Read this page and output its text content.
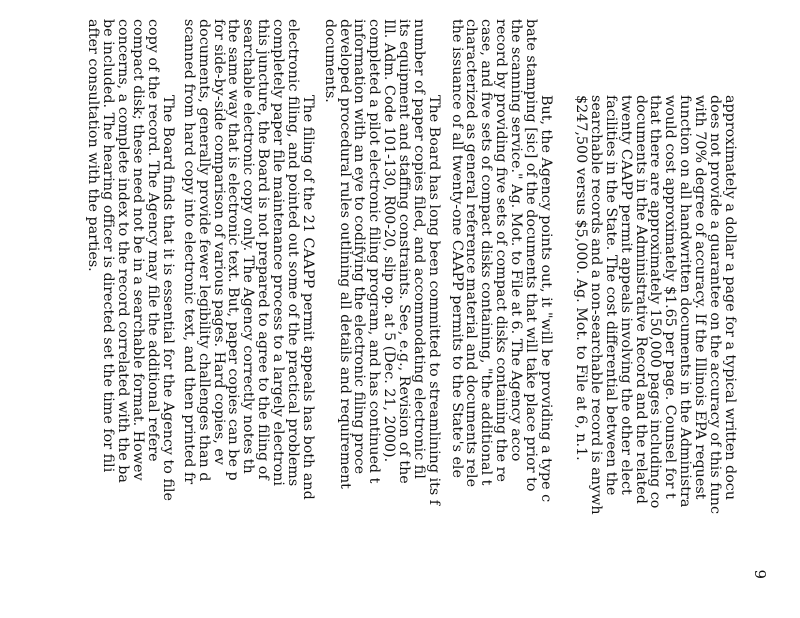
9
approximately a dollar a page for a typical written docu
does not provide a guarantee on the accuracy of this func
with 70% degree of accuracy. If the Illinois EPA request
function on all handwritten documents in the Administra
would cost approximately $1.65 per page. Counsel for t
that there are approximately 150,000 pages including co
documents in the Administrative Record and the related
twenty CAAPP permit appeals involving the other elect
facilities in the State. The cost differential between the
searchable records and a non-searchable record is anywh
$247,500 versus $5,000. Ag. Mot. to File at 6, n.1.
But, the Agency points out, it "will be providing a type c
bate stamping [sic] of the documents that will take place prior to
the scanning service." Ag. Mot. to File at 6. The Agency acco
record by providing five sets of compact disks containing the re
case, and five sets of compact disks containing, "the additional t
characterized as general reference material and documents rele
the issuance of all twenty-one CAAPP permits to the State's ele
The Board has long been committed to streamlining its f
number of paper copies filed, and accommodating electronic fil
its equipment and staffing constraints. See, e.g., Revision of the
Ill. Adm. Code 101-130, R00-20, slip op. at 5 (Dec. 21, 2000).
completed a pilot electronic filing program, and has continued t
information with an eye to codifying the electronic filing proce
developed procedural rules outlining all details and requirement
documents.
The filing of the 21 CAAPP permit appeals has both and
electronic filing, and pointed out some of the practical problems
completely paper file maintenance process to a largely electroni
this juncture, the Board is not prepared to agree to the filing of
searchable electronic copy only. The Agency correctly notes th
the same way that is electronic text. But, paper copies can be p
for side-by-side comparison of various pages. Hard copies, ev
documents, generally provide fewer legibility challenges than d
scanned from hard copy into electronic text, and then printed fr
The Board finds that it is essential for the Agency to file
copy of the record. The Agency may file the additional refere
compact disk; these need not be in a searchable format. Howev
concerns, a complete index to the record correlated with the ba
be included. The hearing officer is directed set the time for fili
after consultation with the parties.
